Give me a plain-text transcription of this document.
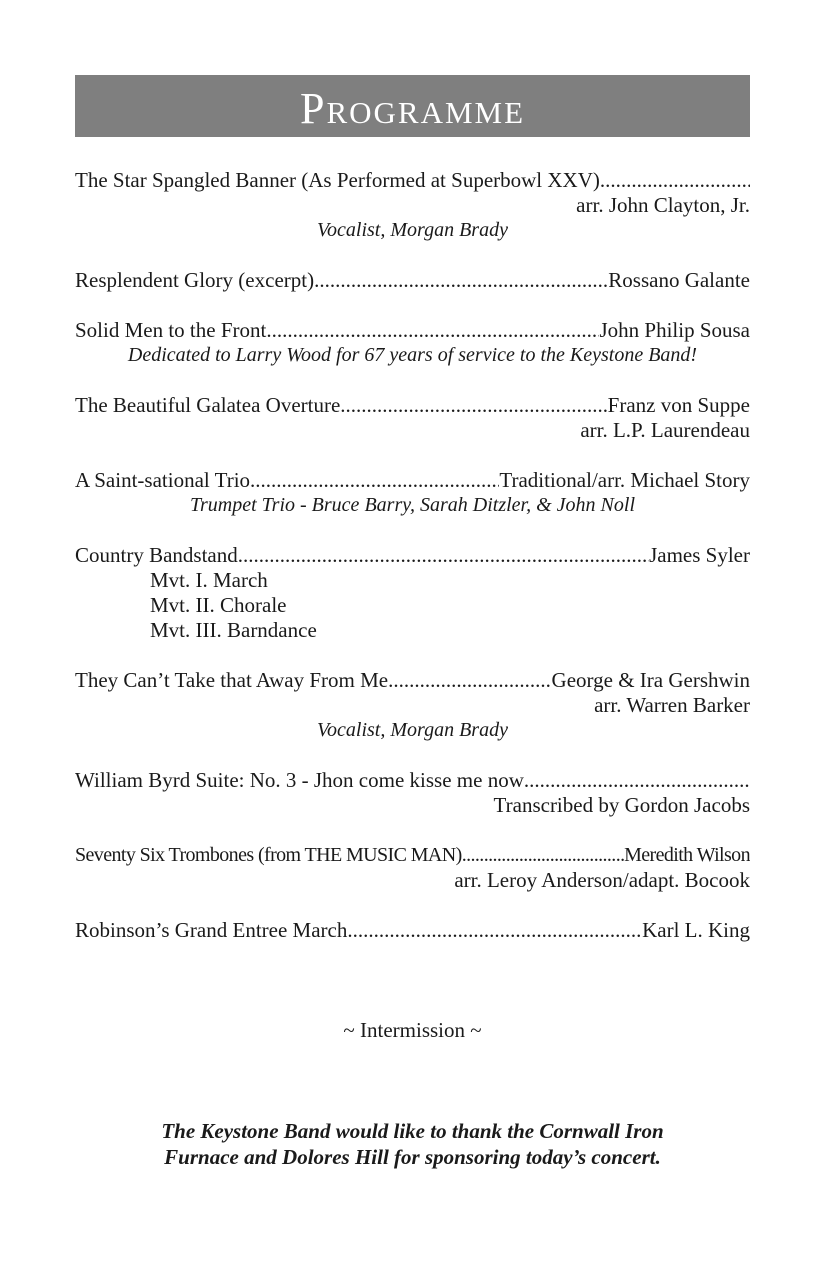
Programme
The Star Spangled Banner (As Performed at Superbowl XXV)
.....
arr. John Clayton, Jr.
Vocalist, Morgan Brady
Resplendent Glory (excerpt) .....	Rossano Galante
Solid Men to the Front .....	John Philip Sousa
Dedicated to Larry Wood for 67 years of service to the Keystone Band!
The Beautiful Galatea Overture .....	Franz von Suppe
arr. L.P. Laurendeau
A Saint-sational Trio .....	Traditional/arr. Michael Story
Trumpet Trio - Bruce Barry, Sarah Ditzler, & John Noll
Country Bandstand .....	James Syler
Mvt. I. March
Mvt. II. Chorale
Mvt. III. Barndance
They Can’t Take that Away From Me .....	George & Ira Gershwin
arr. Warren Barker
Vocalist, Morgan Brady
William Byrd Suite: No. 3 - Jhon come kisse me now
.....
Transcribed by Gordon Jacobs
Seventy Six Trombones (from THE MUSIC MAN) .....	Meredith Wilson
arr. Leroy Anderson/adapt. Bocook
Robinson’s Grand Entree March .....	Karl L. King
~ Intermission ~
The Keystone Band would like to thank the Cornwall Iron
Furnace and Dolores Hill for sponsoring today’s concert.
